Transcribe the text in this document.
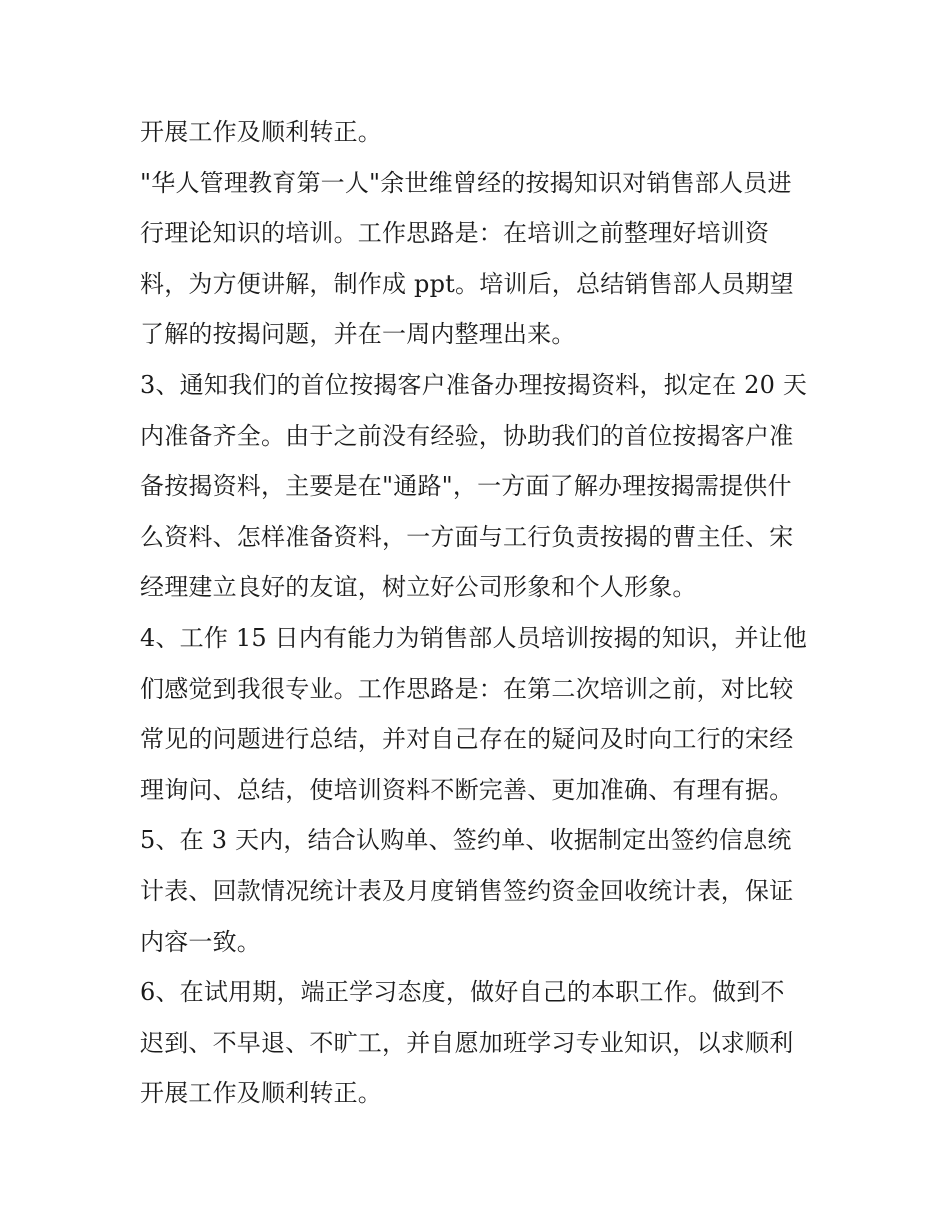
开展工作及顺利转正。
"华人管理教育第一人"余世维曾经的按揭知识对销售部人员进
行理论知识的培训。工作思路是：在培训之前整理好培训资
料，为方便讲解，制作成 ppt。培训后，总结销售部人员期望
了解的按揭问题，并在一周内整理出来。
3、通知我们的首位按揭客户准备办理按揭资料，拟定在 20 天
内准备齐全。由于之前没有经验，协助我们的首位按揭客户准
备按揭资料，主要是在"通路"，一方面了解办理按揭需提供什
么资料、怎样准备资料，一方面与工行负责按揭的曹主任、宋
经理建立良好的友谊，树立好公司形象和个人形象。
4、工作 15 日内有能力为销售部人员培训按揭的知识，并让他
们感觉到我很专业。工作思路是：在第二次培训之前，对比较
常见的问题进行总结，并对自己存在的疑问及时向工行的宋经
理询问、总结，使培训资料不断完善、更加准确、有理有据。
5、在 3 天内，结合认购单、签约单、收据制定出签约信息统
计表、回款情况统计表及月度销售签约资金回收统计表，保证
内容一致。
6、在试用期，端正学习态度，做好自己的本职工作。做到不
迟到、不早退、不旷工，并自愿加班学习专业知识，以求顺利
开展工作及顺利转正。
